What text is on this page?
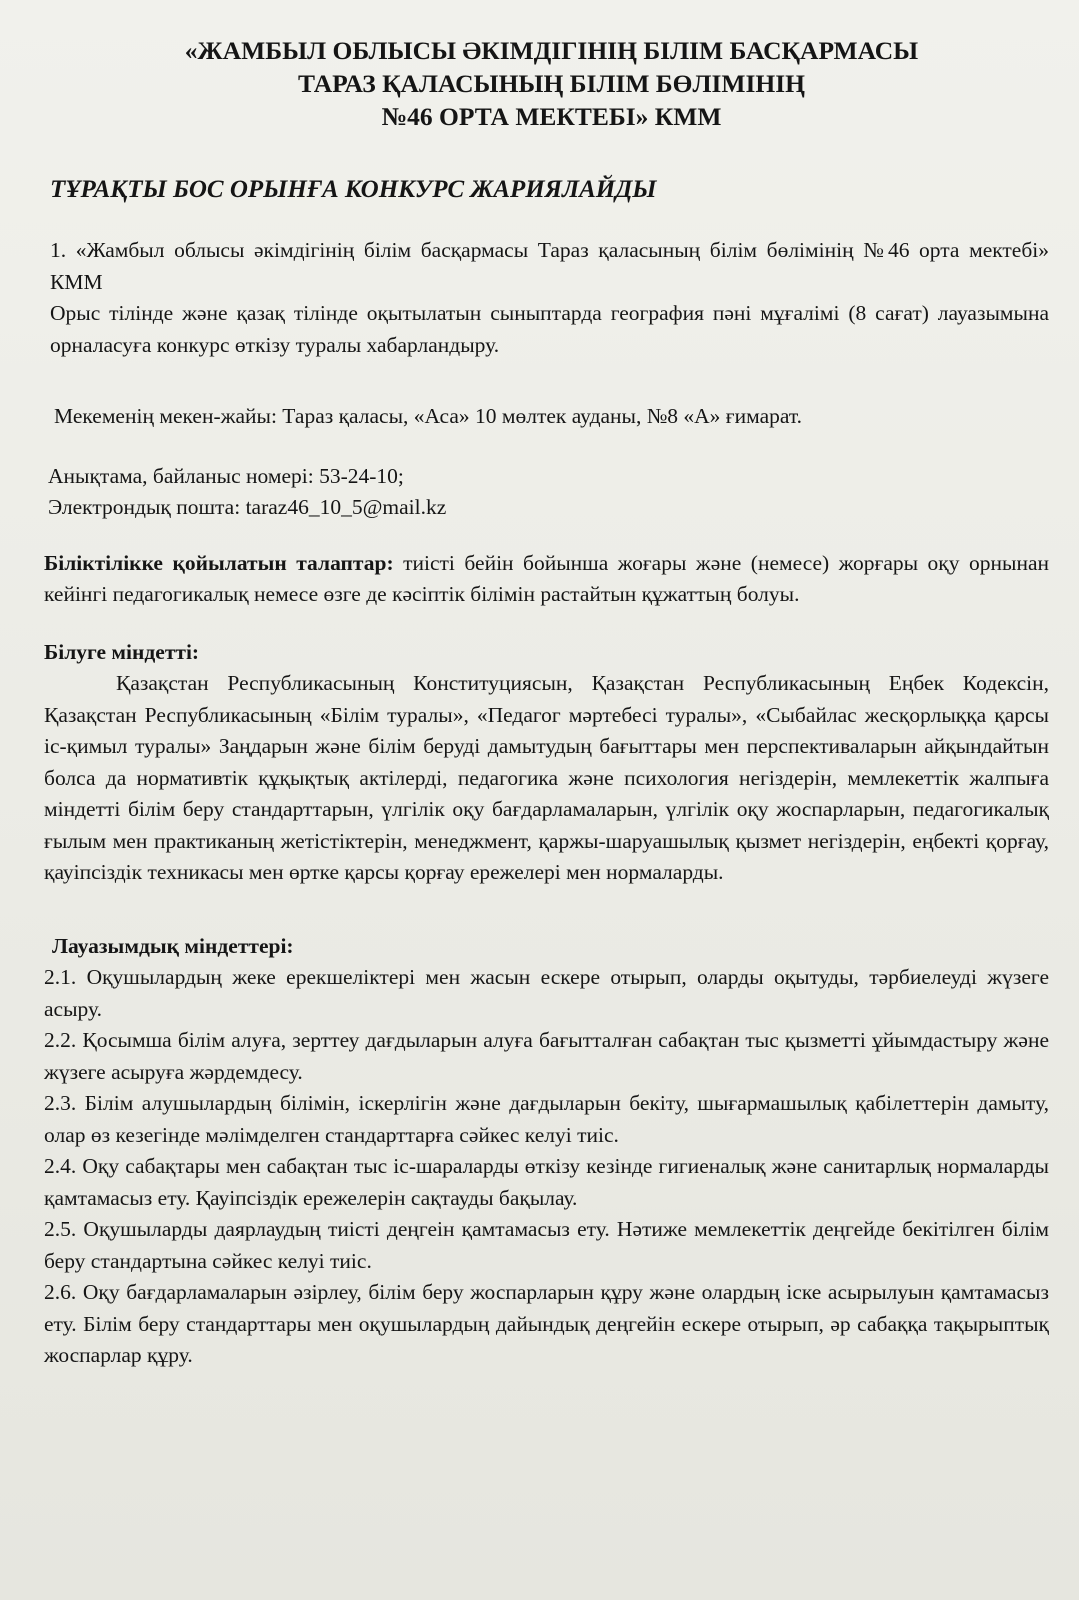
«ЖАМБЫЛ ОБЛЫСЫ ӘКІМДІГІНІҢ БІЛІМ БАСҚАРМАСЫ
ТАРАЗ ҚАЛАСЫНЫҢ БІЛІМ БӨЛІМІНІҢ
№46 ОРТА МЕКТЕБІ» КММ
ТҰРАҚТЫ БОС ОРЫНҒА КОНКУРС ЖАРИЯЛАЙДЫ

1. «Жамбыл облысы әкімдігінің білім басқармасы Тараз қаласының білім бөлімінің №46 орта мектебі» КММ

Орыс тілінде және қазақ тілінде оқытылатын сыныптарда география пәні мұғалімі (8 сағат) лауазымына орналасуға конкурс өткізу туралы хабарландыру.

Мекеменің мекен-жайы: Тараз қаласы, «Аса» 10 мөлтек ауданы, №8 «А» ғимарат.

Анықтама, байланыс номері: 53-24-10;

Электрондық пошта: taraz46_10_5@mail.kz

Біліктілікке қойылатын талаптар: тиісті бейін бойынша жоғары және (немесе) жорғары оқу орнынан кейінгі педагогикалық немесе өзге де кәсіптік білімін растайтын құжаттың болуы.

Білуге міндетті:

Қазақстан Республикасының Конституциясын, Қазақстан Республикасының Еңбек Кодексін, Қазақстан Республикасының «Білім туралы», «Педагог мәртебесі туралы», «Сыбайлас жесқорлыққа қарсы іс-қимыл туралы» Заңдарын және білім беруді дамытудың бағыттары мен перспективаларын айқындайтын болса да нормативтік құқықтық актілерді, педагогика және психология негіздерін, мемлекеттік жалпыға міндетті білім беру стандарттарын, үлгілік оқу бағдарламаларын, үлгілік оқу жоспарларын, педагогикалық ғылым мен практиканың жетістіктерін, менеджмент, қаржы-шаруашылық қызмет негіздерін, еңбекті қорғау, қауіпсіздік техникасы мен өртке қарсы қорғау ережелері мен нормаларды.

Лауазымдық міндеттері:

2.1. Оқушылардың жеке ерекшеліктері мен жасын ескере отырып, оларды оқытуды, тәрбиелеуді жүзеге асыру.

2.2. Қосымша білім алуға, зерттеу дағдыларын алуға бағытталған сабақтан тыс қызметті ұйымдастыру және жүзеге асыруға жәрдемдесу.

2.3. Білім алушылардың білімін, іскерлігін және дағдыларын бекіту, шығармашылық қабілеттерін дамыту, олар өз кезегінде мәлімделген стандарттарға сәйкес келуі тиіс.

2.4. Оқу сабақтары мен сабақтан тыс іс-шараларды өткізу кезінде гигиеналық және санитарлық нормаларды қамтамасыз ету. Қауіпсіздік ережелерін сақтауды бақылау.

2.5. Оқушыларды даярлаудың тиісті деңгеін қамтамасыз ету. Нәтиже мемлекеттік деңгейде бекітілген білім беру стандартына сәйкес келуі тиіс.

2.6. Оқу бағдарламаларын әзірлеу, білім беру жоспарларын құру және олардың іске асырылуын қамтамасыз ету. Білім беру стандарттары мен оқушылардың дайындық деңгейін ескере отырып, әр сабаққа тақырыптық жоспарлар құру.
